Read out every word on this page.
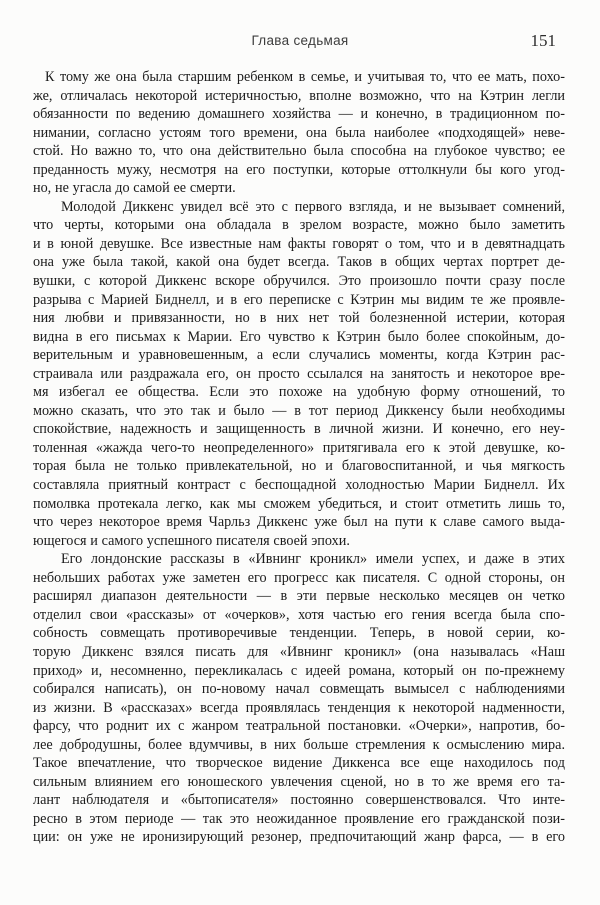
Глава седьмая	151
К тому же она была старшим ребенком в семье, и учитывая то, что ее мать, похо-
же, отличалась некоторой истеричностью, вполне возможно, что на Кэтрин легли
обязанности по ведению домашнего хозяйства — и конечно, в традиционном по-
нимании, согласно устоям того времени, она была наиболее «подходящей» неве-
стой. Но важно то, что она действительно была способна на глубокое чувство; ее
преданность мужу, несмотря на его поступки, которые оттолкнули бы кого угод-
но, не угасла до самой ее смерти.
Молодой Диккенс увидел всё это с первого взгляда, и не вызывает сомнений,
что черты, которыми она обладала в зрелом возрасте, можно было заметить
и в юной девушке. Все известные нам факты говорят о том, что и в девятнадцать
она уже была такой, какой она будет всегда. Таков в общих чертах портрет де-
вушки, с которой Диккенс вскоре обручился. Это произошло почти сразу после
разрыва с Марией Биднелл, и в его переписке с Кэтрин мы видим те же проявле-
ния любви и привязанности, но в них нет той болезненной истерии, которая
видна в его письмах к Марии. Его чувство к Кэтрин было более спокойным, до-
верительным и уравновешенным, а если случались моменты, когда Кэтрин рас-
страивала или раздражала его, он просто ссылался на занятость и некоторое вре-
мя избегал ее общества. Если это похоже на удобную форму отношений, то
можно сказать, что это так и было — в тот период Диккенсу были необходимы
спокойствие, надежность и защищенность в личной жизни. И конечно, его неу-
толенная «жажда чего-то неопределенного» притягивала его к этой девушке, ко-
торая была не только привлекательной, но и благовоспитанной, и чья мягкость
составляла приятный контраст с беспощадной холодностью Марии Биднелл. Их
помолвка протекала легко, как мы сможем убедиться, и стоит отметить лишь то,
что через некоторое время Чарльз Диккенс уже был на пути к славе самого выда-
ющегося и самого успешного писателя своей эпохи.
Его лондонские рассказы в «Ивнинг кроникл» имели успех, и даже в этих
небольших работах уже заметен его прогресс как писателя. С одной стороны, он
расширял диапазон деятельности — в эти первые несколько месяцев он четко
отделил свои «рассказы» от «очерков», хотя частью его гения всегда была спо-
собность совмещать противоречивые тенденции. Теперь, в новой серии, ко-
торую Диккенс взялся писать для «Ивнинг кроникл» (она называлась «Наш
приход» и, несомненно, перекликалась с идеей романа, который он по-прежнему
собирался написать), он по-новому начал совмещать вымысел с наблюдениями
из жизни. В «рассказах» всегда проявлялась тенденция к некоторой надменности,
фарсу, что роднит их с жанром театральной постановки. «Очерки», напротив, бо-
лее добродушны, более вдумчивы, в них больше стремления к осмыслению мира.
Такое впечатление, что творческое видение Диккенса все еще находилось под
сильным влиянием его юношеского увлечения сценой, но в то же время его та-
лант наблюдателя и «бытописателя» постоянно совершенствовался. Что инте-
ресно в этом периоде — так это неожиданное проявление его гражданской пози-
ции: он уже не иронизирующий резонер, предпочитающий жанр фарса, — в его
